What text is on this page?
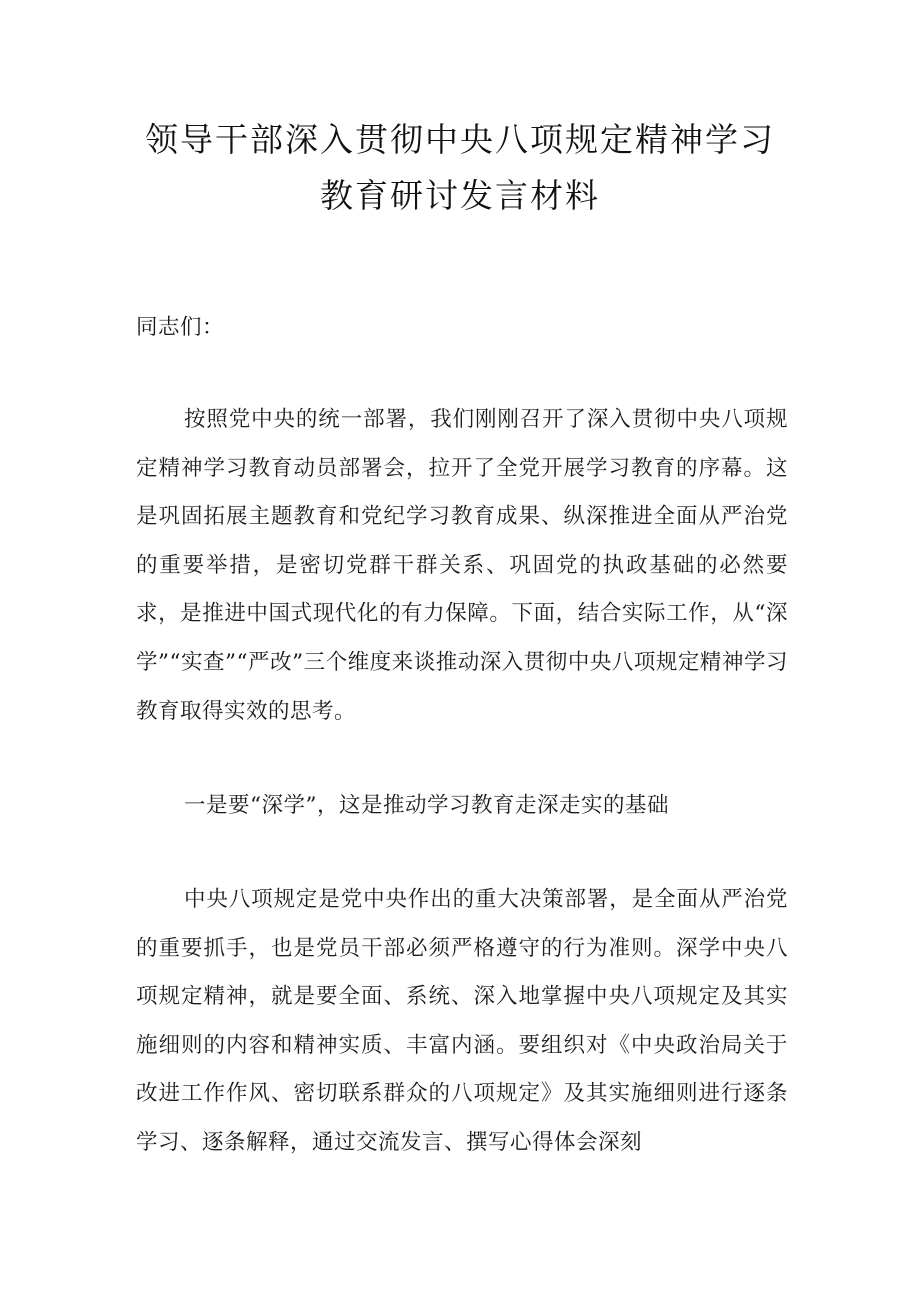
领导干部深入贯彻中央八项规定精神学习
教育研讨发言材料

同志们：

按照党中央的统一部署，我们刚刚召开了深入贯彻中央八项规定精神学习教育动员部署会，拉开了全党开展学习教育的序幕。这是巩固拓展主题教育和党纪学习教育成果、纵深推进全面从严治党的重要举措，是密切党群干群关系、巩固党的执政基础的必然要求，是推进中国式现代化的有力保障。下面，结合实际工作，从“深学”“实查”“严改”三个维度来谈推动深入贯彻中央八项规定精神学习教育取得实效的思考。

一是要“深学”，这是推动学习教育走深走实的基础

中央八项规定是党中央作出的重大决策部署，是全面从严治党的重要抓手，也是党员干部必须严格遵守的行为准则。深学中央八项规定精神，就是要全面、系统、深入地掌握中央八项规定及其实施细则的内容和精神实质、丰富内涵。要组织对《中央政治局关于改进工作作风、密切联系群众的八项规定》及其实施细则进行逐条学习、逐条解释，通过交流发言、撰写心得体会深刻
